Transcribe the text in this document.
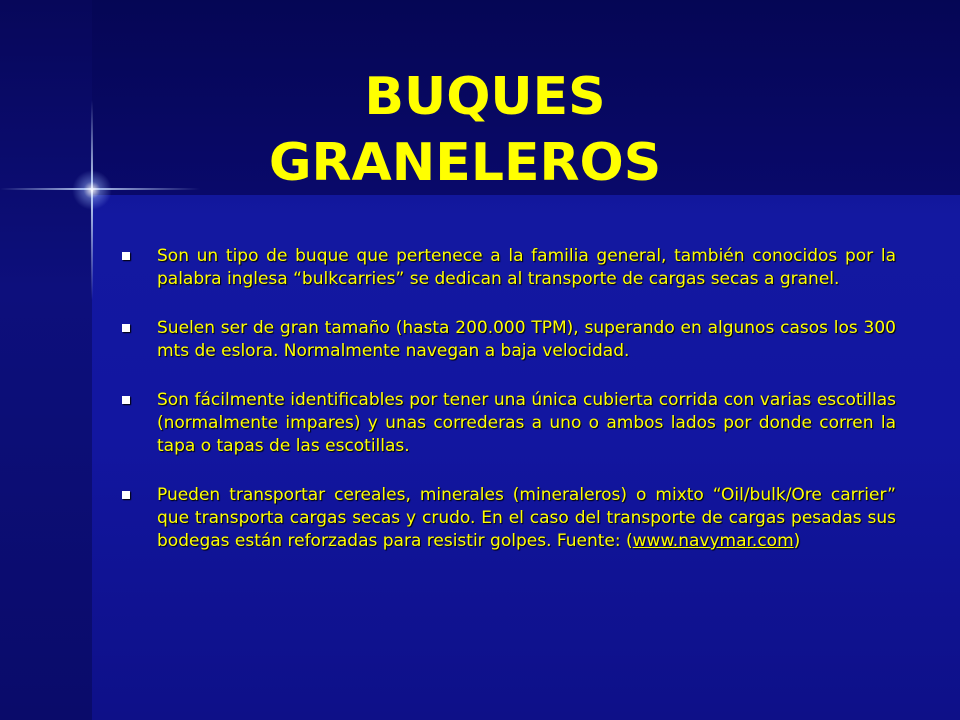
BUQUES
GRANELEROS
Son un tipo de buque que pertenece a la familia general, también conocidos por la palabra inglesa “bulkcarries” se dedican al transporte de cargas secas a granel.
Suelen ser de gran tamaño (hasta 200.000 TPM), superando en algunos casos los 300 mts de eslora. Normalmente navegan a baja velocidad.
Son fácilmente identificables por tener una única cubierta corrida con varias escotillas (normalmente impares) y unas correderas a uno o ambos lados por donde corren la tapa o tapas de las escotillas.
Pueden transportar cereales, minerales (mineraleros) o mixto “Oil/bulk/Ore carrier” que transporta cargas secas y crudo. En el caso del transporte de cargas pesadas sus bodegas están reforzadas para resistir golpes. Fuente: (www.navymar.com)
